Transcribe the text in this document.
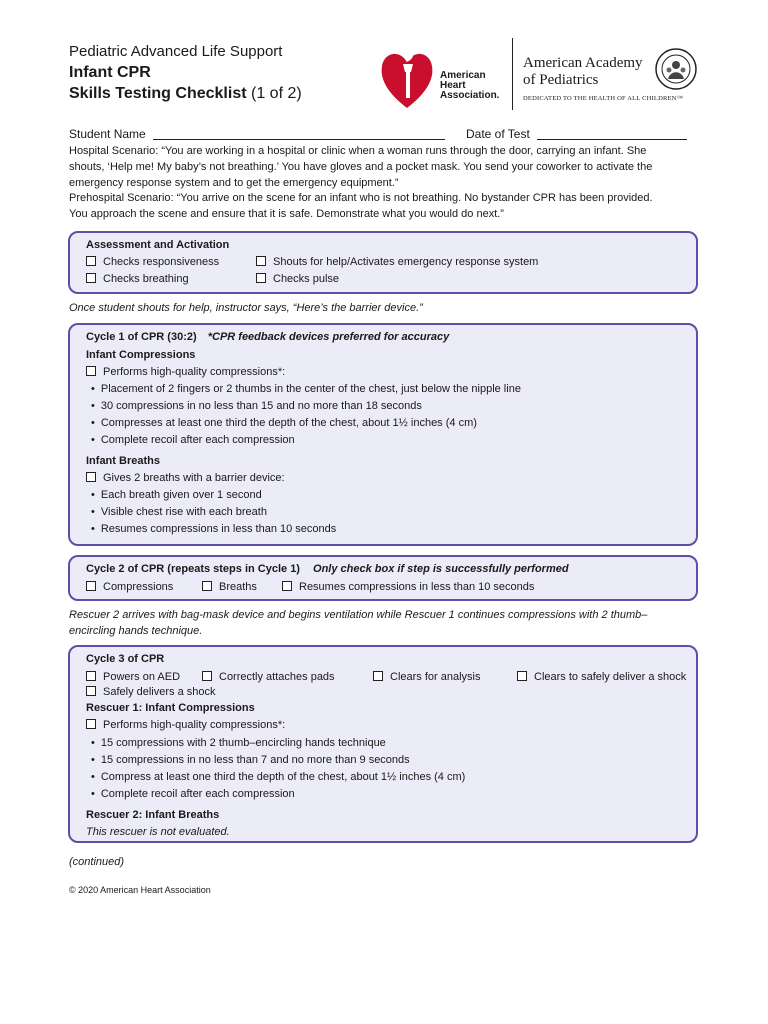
Pediatric Advanced Life Support
Infant CPR
Skills Testing Checklist (1 of 2)
American
Heart
Association.
American Academy
of Pediatrics
DEDICATED TO THE HEALTH OF ALL CHILDREN™
Student Name	Date of Test
Hospital Scenario: “You are working in a hospital or clinic when a woman runs through the door, carrying an infant. She
shouts, ‘Help me! My baby’s not breathing.’ You have gloves and a pocket mask. You send your coworker to activate the
emergency response system and to get the emergency equipment.”
Prehospital Scenario: “You arrive on the scene for an infant who is not breathing. No bystander CPR has been provided.
You approach the scene and ensure that it is safe. Demonstrate what you would do next.”
Assessment and Activation
Checks responsiveness	Shouts for help/Activates emergency response system
Checks breathing	Checks pulse
Once student shouts for help, instructor says, “Here’s the barrier device.”
Cycle 1 of CPR (30:2) *CPR feedback devices preferred for accuracy
Infant Compressions
Performs high-quality compressions*:
• Placement of 2 fingers or 2 thumbs in the center of the chest, just below the nipple line
• 30 compressions in no less than 15 and no more than 18 seconds
• Compresses at least one third the depth of the chest, about 1½ inches (4 cm)
• Complete recoil after each compression
Infant Breaths
Gives 2 breaths with a barrier device:
• Each breath given over 1 second
• Visible chest rise with each breath
• Resumes compressions in less than 10 seconds
Cycle 2 of CPR (repeats steps in Cycle 1) Only check box if step is successfully performed
Compressions	Breaths	Resumes compressions in less than 10 seconds
Rescuer 2 arrives with bag-mask device and begins ventilation while Rescuer 1 continues compressions with 2 thumb–
encircling hands technique.
Cycle 3 of CPR
Powers on AED	Correctly attaches pads	Clears for analysis	Clears to safely deliver a shock
Safely delivers a shock
Rescuer 1: Infant Compressions
Performs high-quality compressions*:
• 15 compressions with 2 thumb–encircling hands technique
• 15 compressions in no less than 7 and no more than 9 seconds
• Compress at least one third the depth of the chest, about 1½ inches (4 cm)
• Complete recoil after each compression
Rescuer 2: Infant Breaths
This rescuer is not evaluated.
(continued)
© 2020 American Heart Association
